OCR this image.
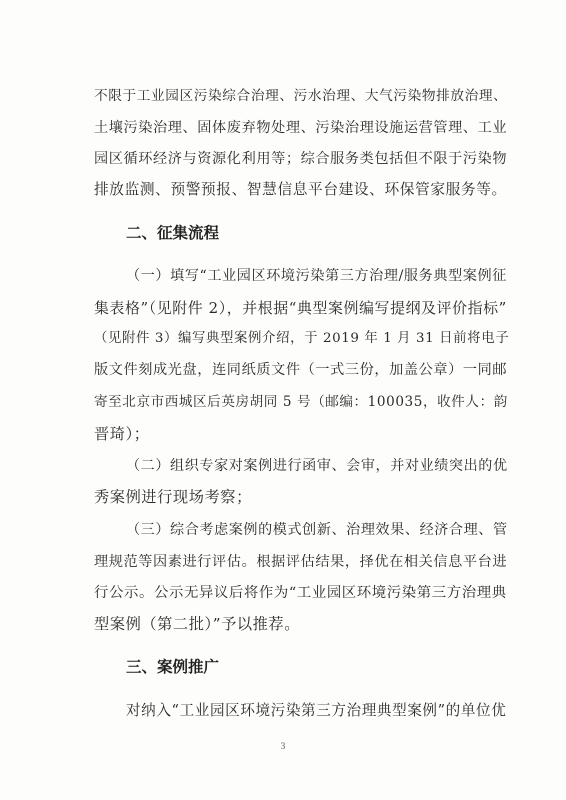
不限于工业园区污染综合治理、污水治理、大气污染物排放治理、
土壤污染治理、固体废弃物处理、污染治理设施运营管理、工业
园区循环经济与资源化利用等；综合服务类包括但不限于污染物
排放监测、预警预报、智慧信息平台建设、环保管家服务等。
二、征集流程
（一）填写“工业园区环境污染第三方治理/服务典型案例征
集表格”（见附件 2），并根据“典型案例编写提纲及评价指标”
（见附件 3）编写典型案例介绍，于 2019 年 1 月 31 日前将电子
版文件刻成光盘，连同纸质文件（一式三份，加盖公章）一同邮
寄至北京市西城区后英房胡同 5 号（邮编：100035，收件人：韵
晋琦）；
（二）组织专家对案例进行函审、会审，并对业绩突出的优
秀案例进行现场考察；
（三）综合考虑案例的模式创新、治理效果、经济合理、管
理规范等因素进行评估。根据评估结果，择优在相关信息平台进
行公示。公示无异议后将作为“工业园区环境污染第三方治理典
型案例（第二批）”予以推荐。
三、案例推广
对纳入“工业园区环境污染第三方治理典型案例”的单位优
3
